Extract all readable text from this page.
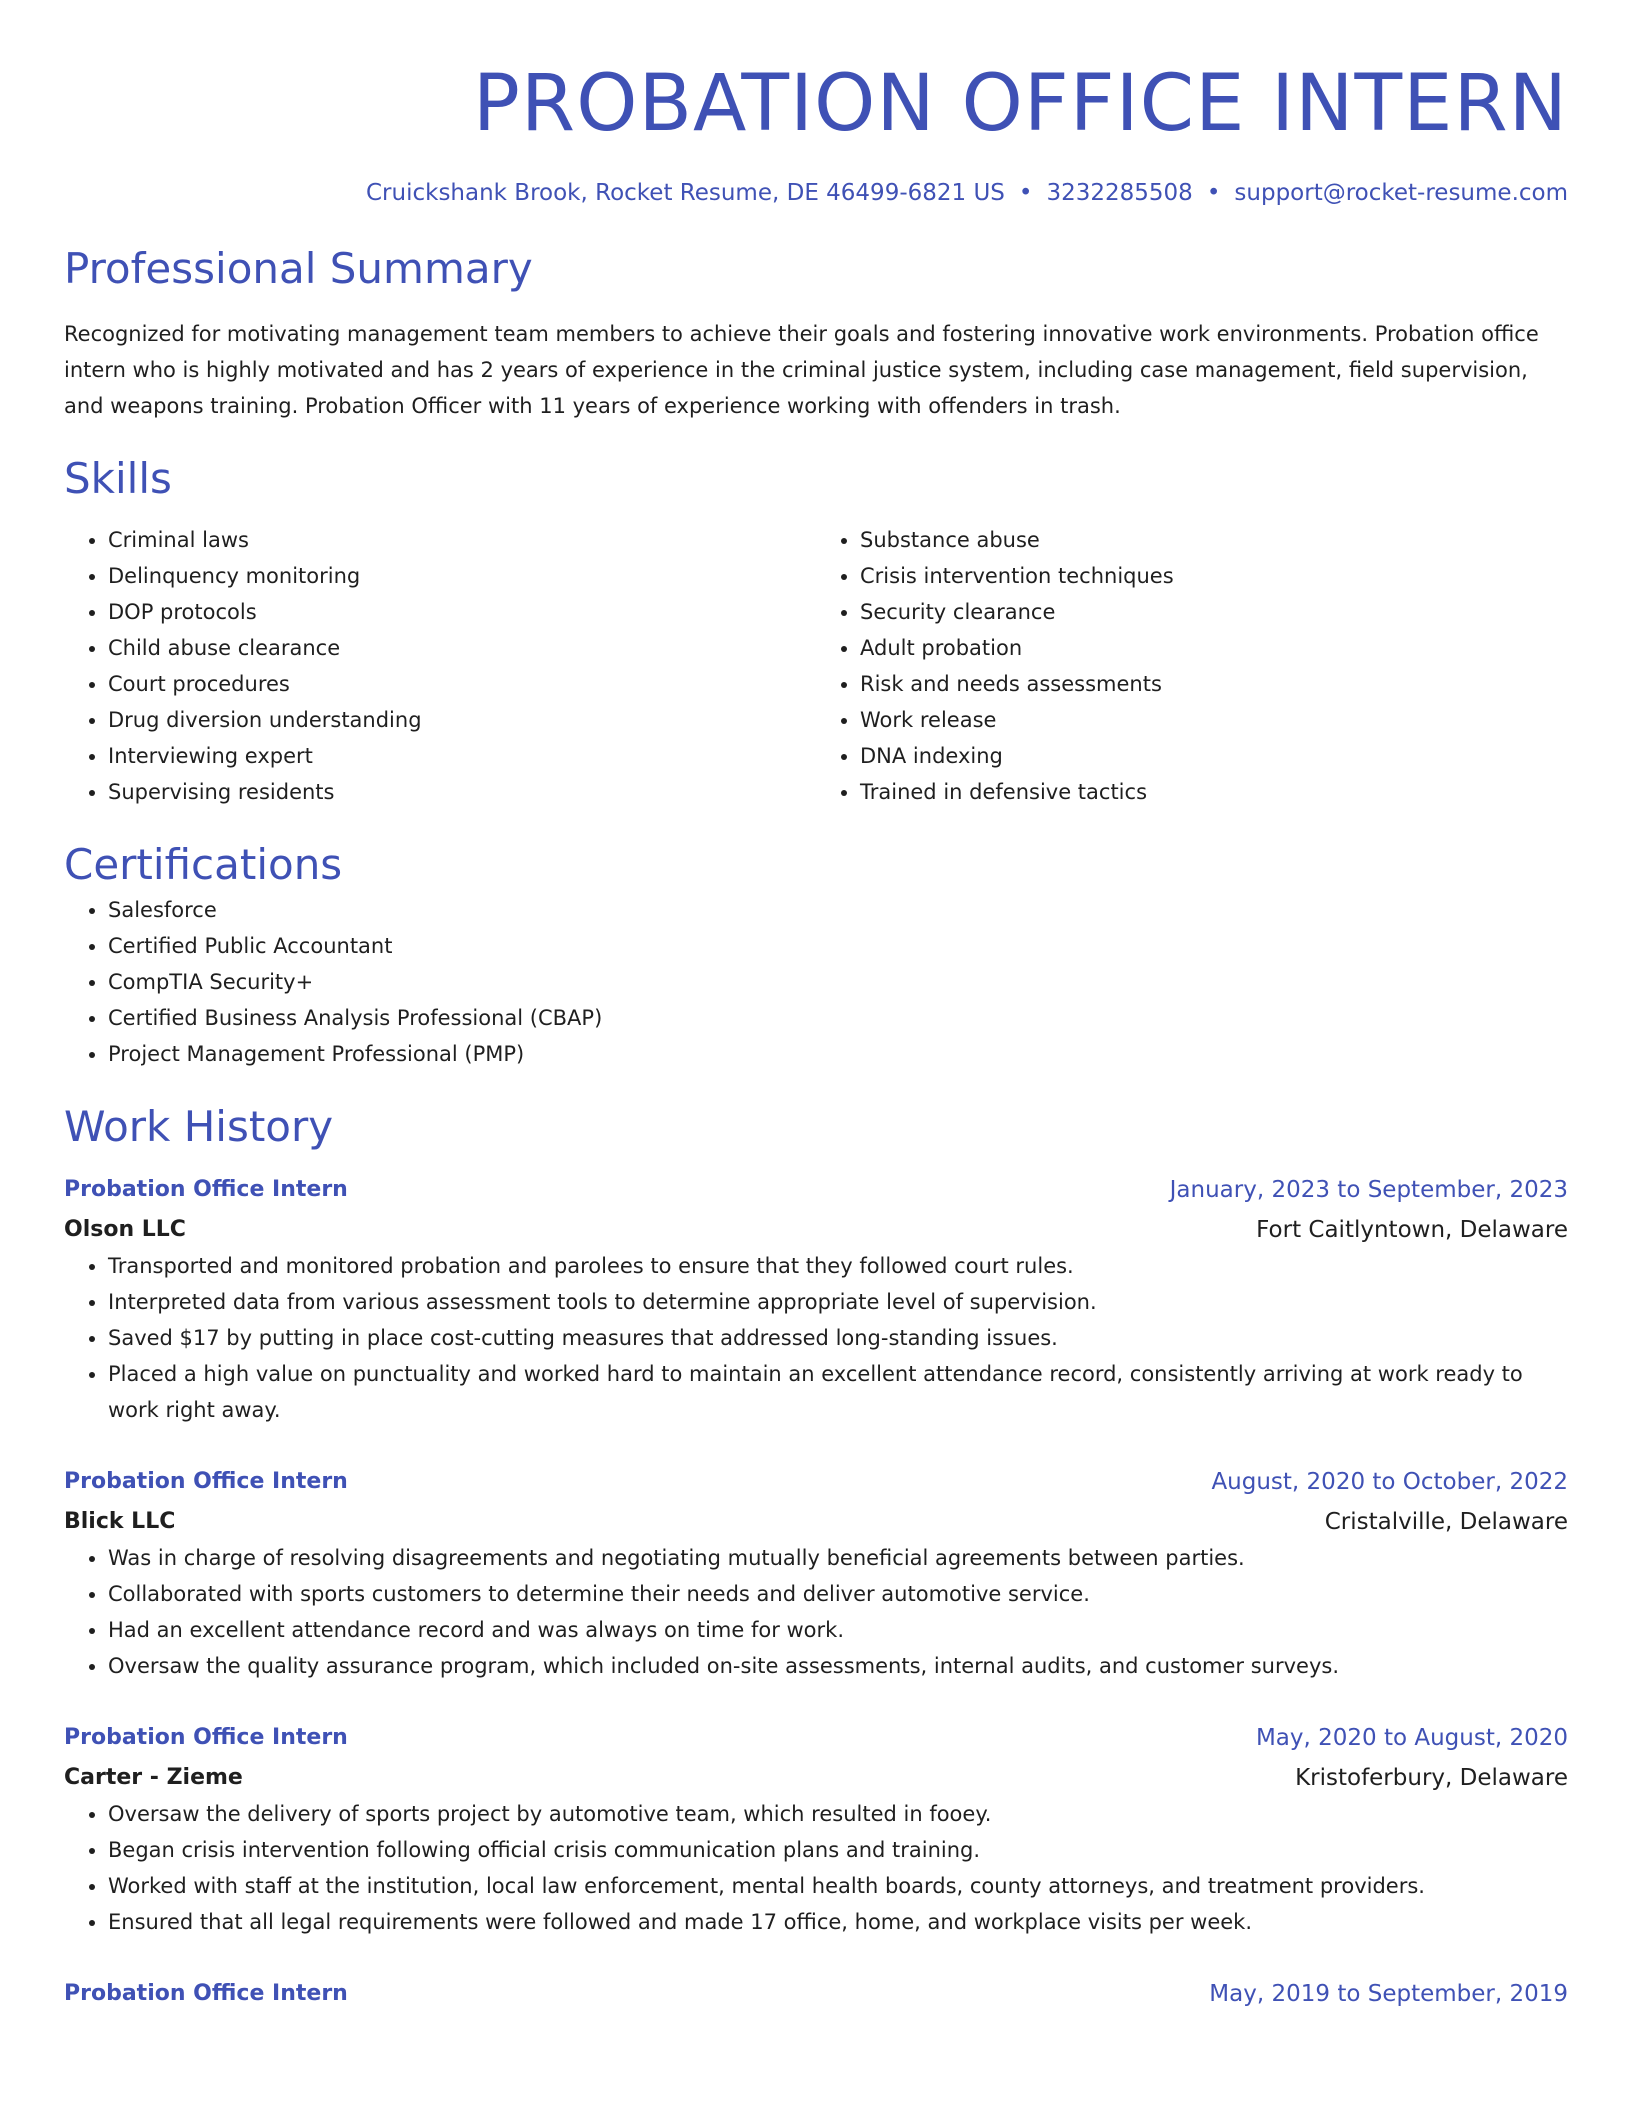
PROBATION OFFICE INTERN
Cruickshank Brook, Rocket Resume, DE 46499-6821 US • 3232285508 • support@rocket-resume.com
Professional Summary
Recognized for motivating management team members to achieve their goals and fostering innovative work environments. Probation office intern who is highly motivated and has 2 years of experience in the criminal justice system, including case management, field supervision, and weapons training. Probation Officer with 11 years of experience working with offenders in trash.
Skills
• Criminal laws
• Delinquency monitoring
• DOP protocols
• Child abuse clearance
• Court procedures
• Drug diversion understanding
• Interviewing expert
• Supervising residents
• Substance abuse
• Crisis intervention techniques
• Security clearance
• Adult probation
• Risk and needs assessments
• Work release
• DNA indexing
• Trained in defensive tactics
Certifications
• Salesforce
• Certified Public Accountant
• CompTIA Security+
• Certified Business Analysis Professional (CBAP)
• Project Management Professional (PMP)
Work History
Probation Office Intern	January, 2023 to September, 2023
Olson LLC	Fort Caitlyntown, Delaware
• Transported and monitored probation and parolees to ensure that they followed court rules.
• Interpreted data from various assessment tools to determine appropriate level of supervision.
• Saved $17 by putting in place cost-cutting measures that addressed long-standing issues.
• Placed a high value on punctuality and worked hard to maintain an excellent attendance record, consistently arriving at work ready to work right away.
Probation Office Intern	August, 2020 to October, 2022
Blick LLC	Cristalville, Delaware
• Was in charge of resolving disagreements and negotiating mutually beneficial agreements between parties.
• Collaborated with sports customers to determine their needs and deliver automotive service.
• Had an excellent attendance record and was always on time for work.
• Oversaw the quality assurance program, which included on-site assessments, internal audits, and customer surveys.
Probation Office Intern	May, 2020 to August, 2020
Carter - Zieme	Kristoferbury, Delaware
• Oversaw the delivery of sports project by automotive team, which resulted in fooey.
• Began crisis intervention following official crisis communication plans and training.
• Worked with staff at the institution, local law enforcement, mental health boards, county attorneys, and treatment providers.
• Ensured that all legal requirements were followed and made 17 office, home, and workplace visits per week.
Probation Office Intern	May, 2019 to September, 2019
